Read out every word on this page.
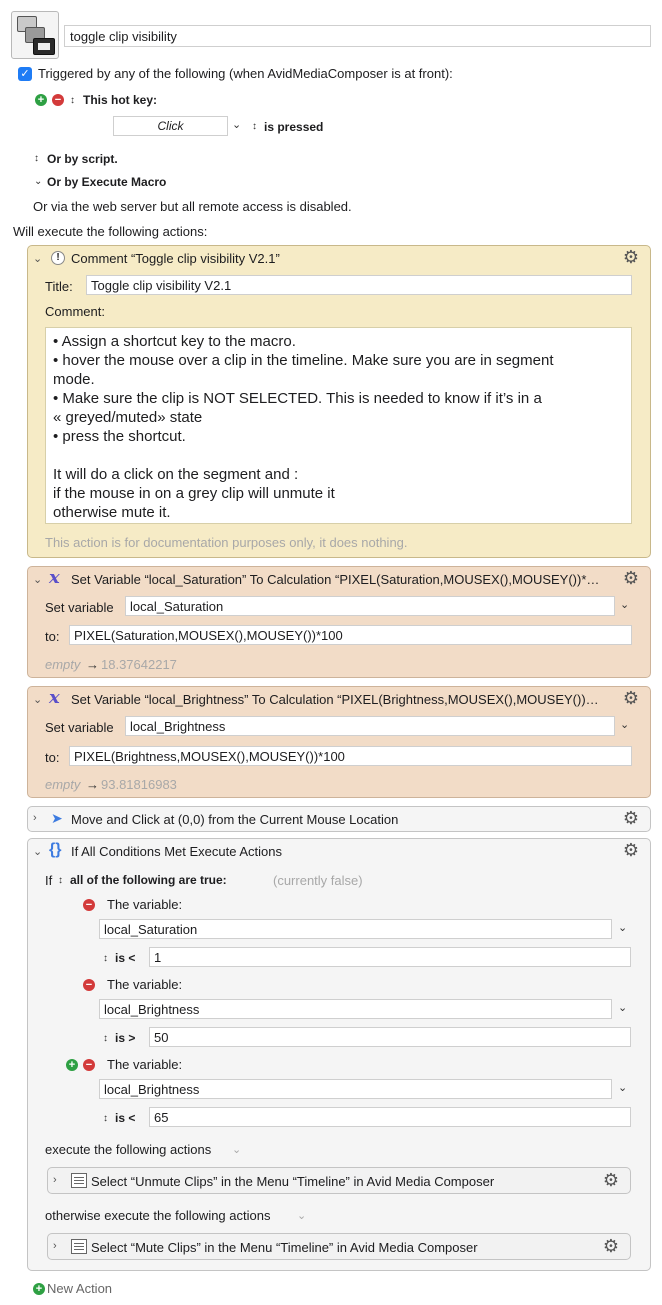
toggle clip visibility
✓ Triggered by any of the following (when AvidMediaComposer is at front):
+ − ↕ This hot key:
Click	⌄ ↕ is pressed
↕ Or by script.
⌄ Or by Execute Macro
Or via the web server but all remote access is disabled.
Will execute the following actions:
⌄	! Comment “Toggle clip visibility V2.1”	⚙
Title:	Toggle clip visibility V2.1
Comment:
• Assign a shortcut key to the macro.
• hover the mouse over a clip in the timeline. Make sure you are in segment
mode.
• Make sure the clip is NOT SELECTED. This is needed to know if it’s in a
« greyed/muted» state
• press the shortcut.
It will do a click on the segment and :
if the mouse in on a grey clip will unmute it
otherwise mute it.
This action is for documentation purposes only, it does nothing.
⌄ x Set Variable “local_Saturation” To Calculation “PIXEL(Saturation,MOUSEX(),MOUSEY())*…	⚙
Set variable	local_Saturation	⌄
to:	PIXEL(Saturation,MOUSEX(),MOUSEY())*100
empty → 18.37642217
⌄ x Set Variable “local_Brightness” To Calculation “PIXEL(Brightness,MOUSEX(),MOUSEY())…	⚙
Set variable	local_Brightness	⌄
to:	PIXEL(Brightness,MOUSEX(),MOUSEY())*100
empty → 93.81816983
› ➤ Move and Click at (0,0) from the Current Mouse Location	⚙
⌄ {} If All Conditions Met Execute Actions	⚙
If ↕ all of the following are true:	(currently false)
− The variable:
local_Saturation	⌄
↕ is <	1
− The variable:
local_Brightness	⌄
↕ is >	50
+ − The variable:
local_Brightness	⌄
↕ is <	65
execute the following actions ⌄
›	Select “Unmute Clips” in the Menu “Timeline” in Avid Media Composer	⚙
otherwise execute the following actions ⌄
›	Select “Mute Clips” in the Menu “Timeline” in Avid Media Composer	⚙
+ New Action
